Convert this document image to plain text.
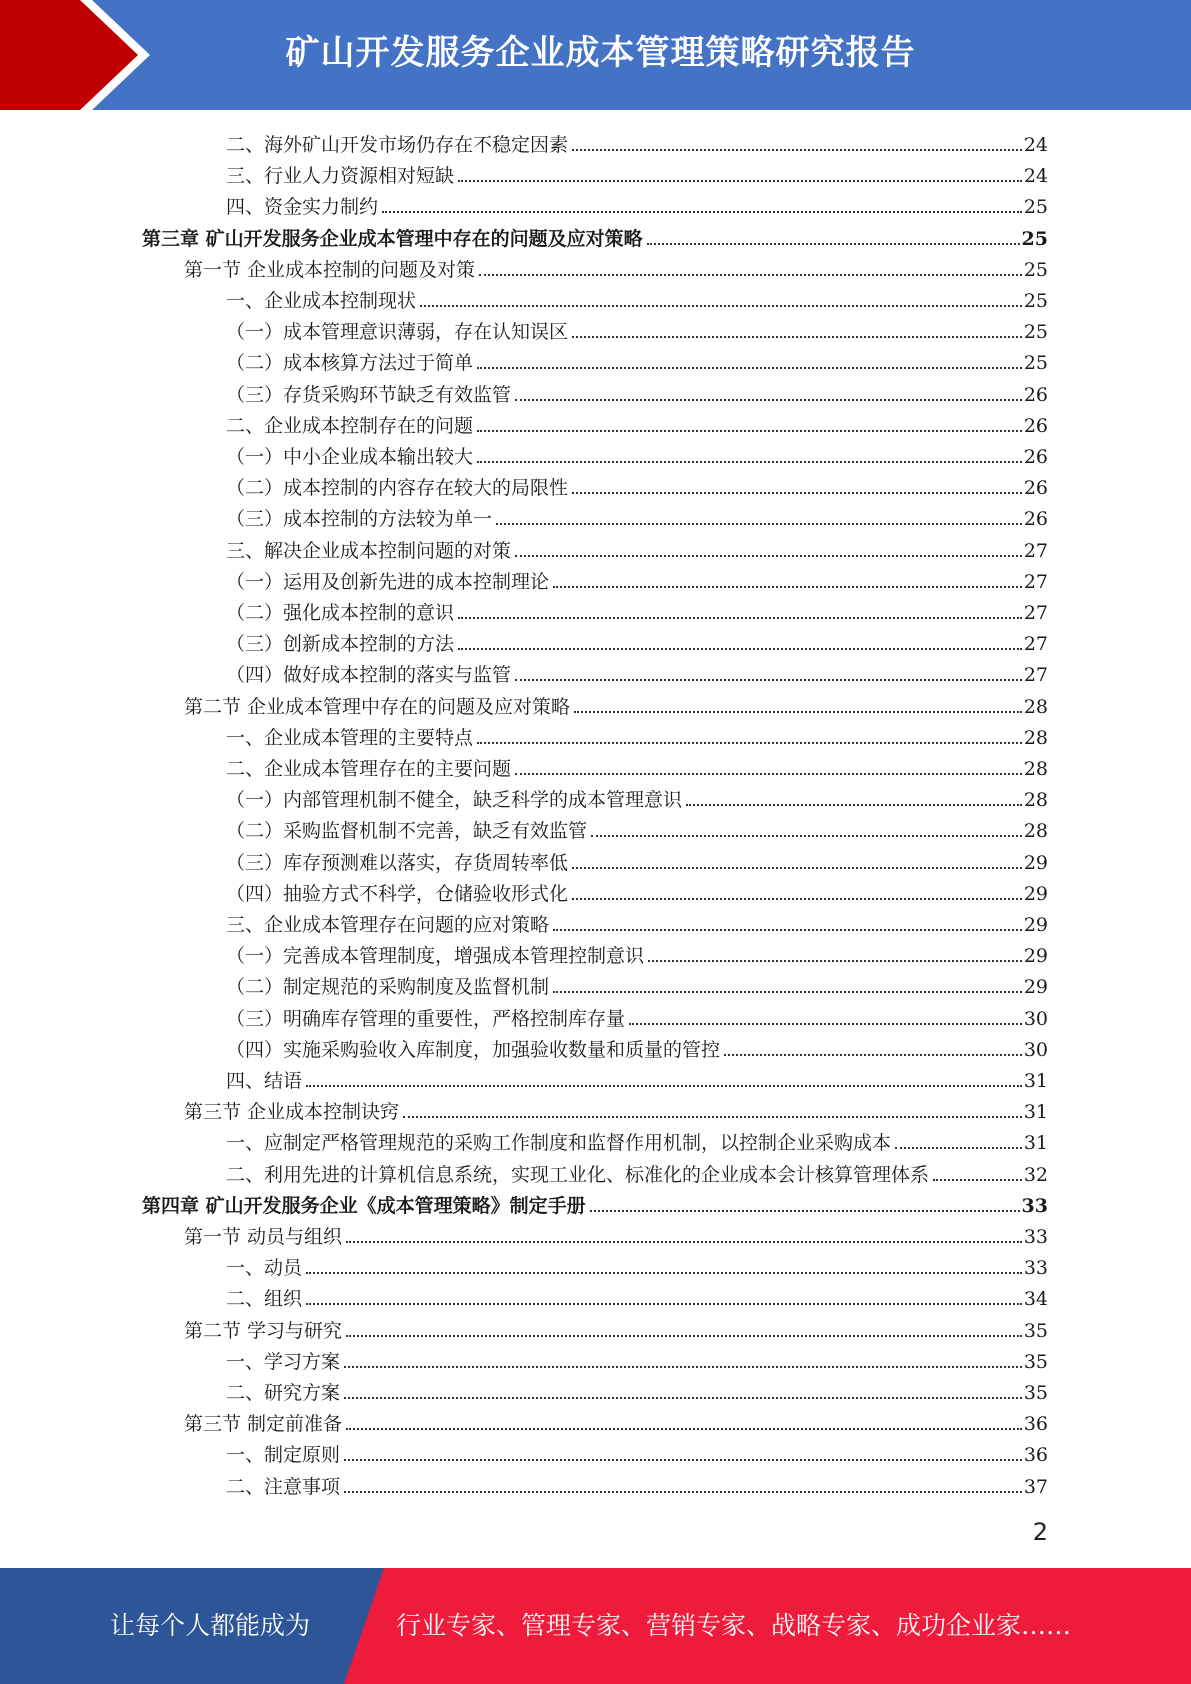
矿山开发服务企业成本管理策略研究报告
二、海外矿山开发市场仍存在不稳定因素	24
三、行业人力资源相对短缺	24
四、资金实力制约	25
第三章 矿山开发服务企业成本管理中存在的问题及应对策略	25
第一节 企业成本控制的问题及对策	25
一、企业成本控制现状	25
（一）成本管理意识薄弱，存在认知误区	25
（二）成本核算方法过于简单	25
（三）存货采购环节缺乏有效监管	26
二、企业成本控制存在的问题	26
（一）中小企业成本输出较大	26
（二）成本控制的内容存在较大的局限性	26
（三）成本控制的方法较为单一	26
三、解决企业成本控制问题的对策	27
（一）运用及创新先进的成本控制理论	27
（二）强化成本控制的意识	27
（三）创新成本控制的方法	27
（四）做好成本控制的落实与监管	27
第二节 企业成本管理中存在的问题及应对策略	28
一、企业成本管理的主要特点	28
二、企业成本管理存在的主要问题	28
（一）内部管理机制不健全，缺乏科学的成本管理意识	28
（二）采购监督机制不完善，缺乏有效监管	28
（三）库存预测难以落实，存货周转率低	29
（四）抽验方式不科学，仓储验收形式化	29
三、企业成本管理存在问题的应对策略	29
（一）完善成本管理制度，增强成本管理控制意识	29
（二）制定规范的采购制度及监督机制	29
（三）明确库存管理的重要性，严格控制库存量	30
（四）实施采购验收入库制度，加强验收数量和质量的管控	30
四、结语	31
第三节 企业成本控制诀窍	31
一、应制定严格管理规范的采购工作制度和监督作用机制，以控制企业采购成本	31
二、利用先进的计算机信息系统，实现工业化、标准化的企业成本会计核算管理体系	32
第四章 矿山开发服务企业《成本管理策略》制定手册	33
第一节 动员与组织	33
一、动员	33
二、组织	34
第二节 学习与研究	35
一、学习方案	35
二、研究方案	35
第三节 制定前准备	36
一、制定原则	36
二、注意事项	37
2
让每个人都能成为	行业专家、管理专家、营销专家、战略专家、成功企业家……
